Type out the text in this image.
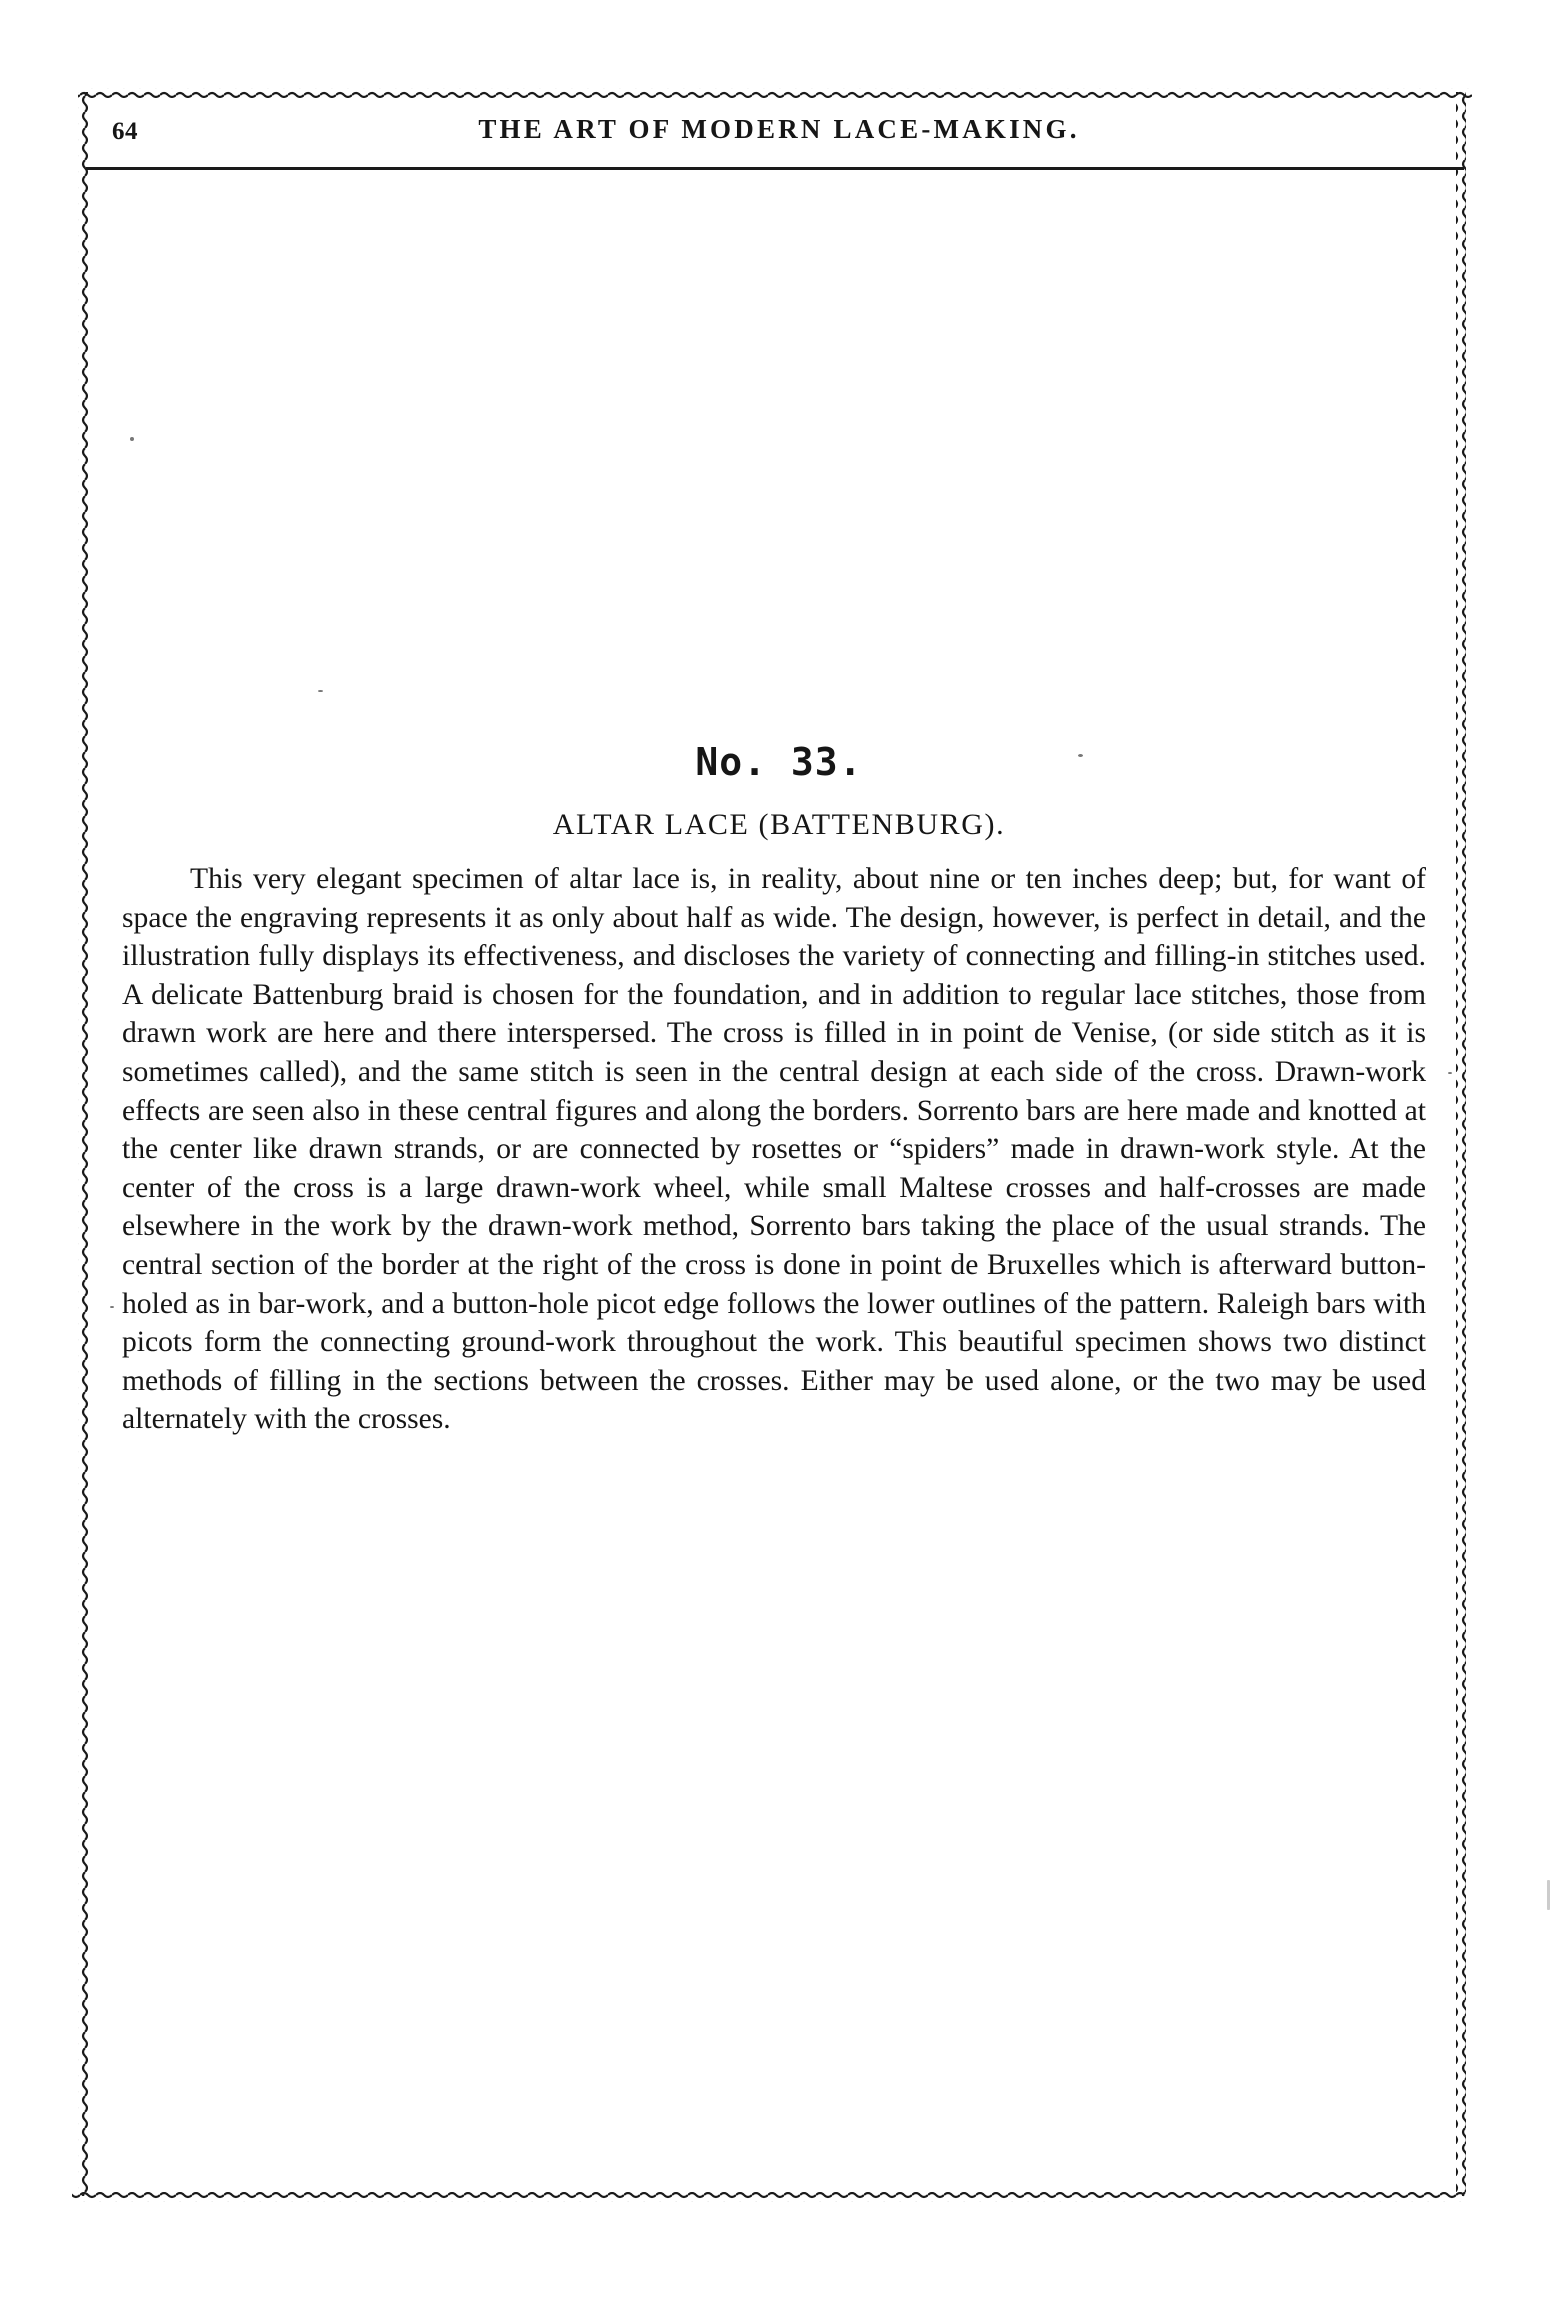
64	THE ART OF MODERN LACE-MAKING.
No. 33.
ALTAR LACE (BATTENBURG).

This very elegant specimen of altar lace is, in reality, about nine or ten inches deep; but, for want of space the engraving represents it as only about half as wide. The design, however, is perfect in detail, and the illustration fully displays its effectiveness, and discloses the variety of connecting and filling-in stitches used. A delicate Battenburg braid is chosen for the foundation, and in addition to regular lace stitches, those from drawn work are here and there interspersed. The cross is filled in in point de Venise, (or side stitch as it is sometimes called), and the same stitch is seen in the central design at each side of the cross. Drawn-work effects are seen also in these central figures and along the borders. Sorrento bars are here made and knotted at the center like drawn strands, or are connected by rosettes or “spiders” made in drawn-work style. At the center of the cross is a large drawn-work wheel, while small Maltese crosses and half-crosses are made elsewhere in the work by the drawn-work method, Sorrento bars taking the place of the usual strands. The central section of the border at the right of the cross is done in point de Bruxelles which is afterward button-holed as in bar-work, and a button-hole picot edge follows the lower outlines of the pattern. Raleigh bars with picots form the connecting ground-work throughout the work. This beautiful specimen shows two distinct methods of filling in the sections between the crosses. Either may be used alone, or the two may be used alternately with the crosses.
